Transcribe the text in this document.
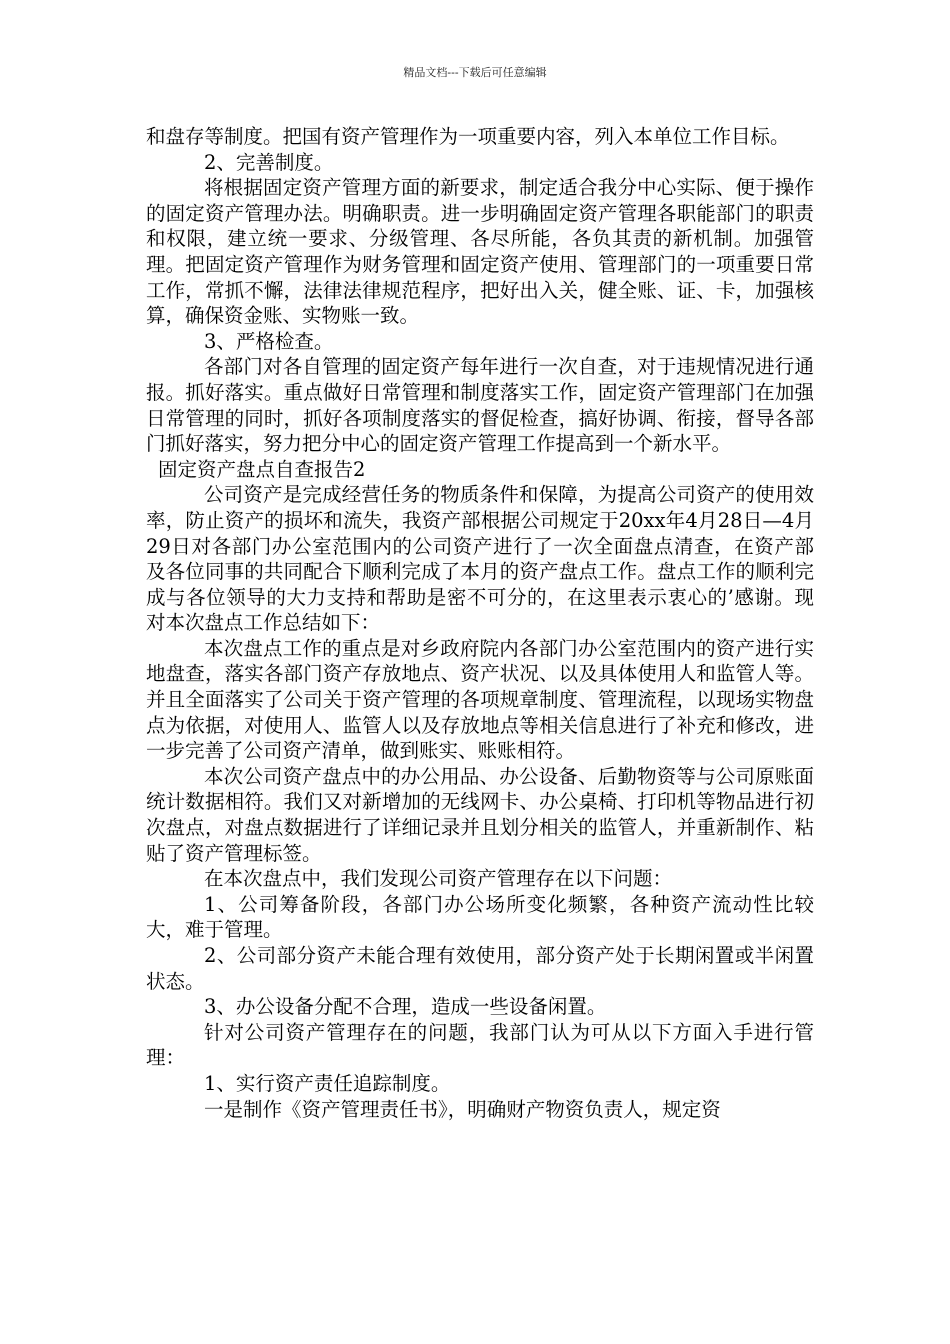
精品文档---下载后可任意编辑

和盘存等制度。把国有资产管理作为一项重要内容，列入本单位工作目标。

2、完善制度。

将根据固定资产管理方面的新要求，制定适合我分中心实际、便于操作的固定资产管理办法。明确职责。进一步明确固定资产管理各职能部门的职责和权限，建立统一要求、分级管理、各尽所能，各负其责的新机制。加强管理。把固定资产管理作为财务管理和固定资产使用、管理部门的一项重要日常工作，常抓不懈，法律法律规范程序，把好出入关，健全账、证、卡，加强核算，确保资金账、实物账一致。

3、严格检查。

各部门对各自管理的固定资产每年进行一次自查，对于违规情况进行通报。抓好落实。重点做好日常管理和制度落实工作，固定资产管理部门在加强日常管理的同时，抓好各项制度落实的督促检查，搞好协调、衔接，督导各部门抓好落实，努力把分中心的固定资产管理工作提高到一个新水平。

固定资产盘点自查报告2

公司资产是完成经营任务的物质条件和保障，为提高公司资产的使用效率，防止资产的损坏和流失，我资产部根据公司规定于20xx年4月28日—4月29日对各部门办公室范围内的公司资产进行了一次全面盘点清查，在资产部及各位同事的共同配合下顺利完成了本月的资产盘点工作。盘点工作的顺利完成与各位领导的大力支持和帮助是密不可分的，在这里表示衷心的’感谢。现对本次盘点工作总结如下：

本次盘点工作的重点是对乡政府院内各部门办公室范围内的资产进行实地盘查，落实各部门资产存放地点、资产状况、以及具体使用人和监管人等。并且全面落实了公司关于资产管理的各项规章制度、管理流程，以现场实物盘点为依据，对使用人、监管人以及存放地点等相关信息进行了补充和修改，进一步完善了公司资产清单，做到账实、账账相符。

本次公司资产盘点中的办公用品、办公设备、后勤物资等与公司原账面统计数据相符。我们又对新增加的无线网卡、办公桌椅、打印机等物品进行初次盘点，对盘点数据进行了详细记录并且划分相关的监管人，并重新制作、粘贴了资产管理标签。

在本次盘点中，我们发现公司资产管理存在以下问题：

1、公司筹备阶段，各部门办公场所变化频繁，各种资产流动性比较大，难于管理。

2、公司部分资产未能合理有效使用，部分资产处于长期闲置或半闲置状态。

3、办公设备分配不合理，造成一些设备闲置。

针对公司资产管理存在的问题，我部门认为可从以下方面入手进行管理：

1、实行资产责任追踪制度。

一是制作《资产管理责任书》，明确财产物资负责人，规定资
